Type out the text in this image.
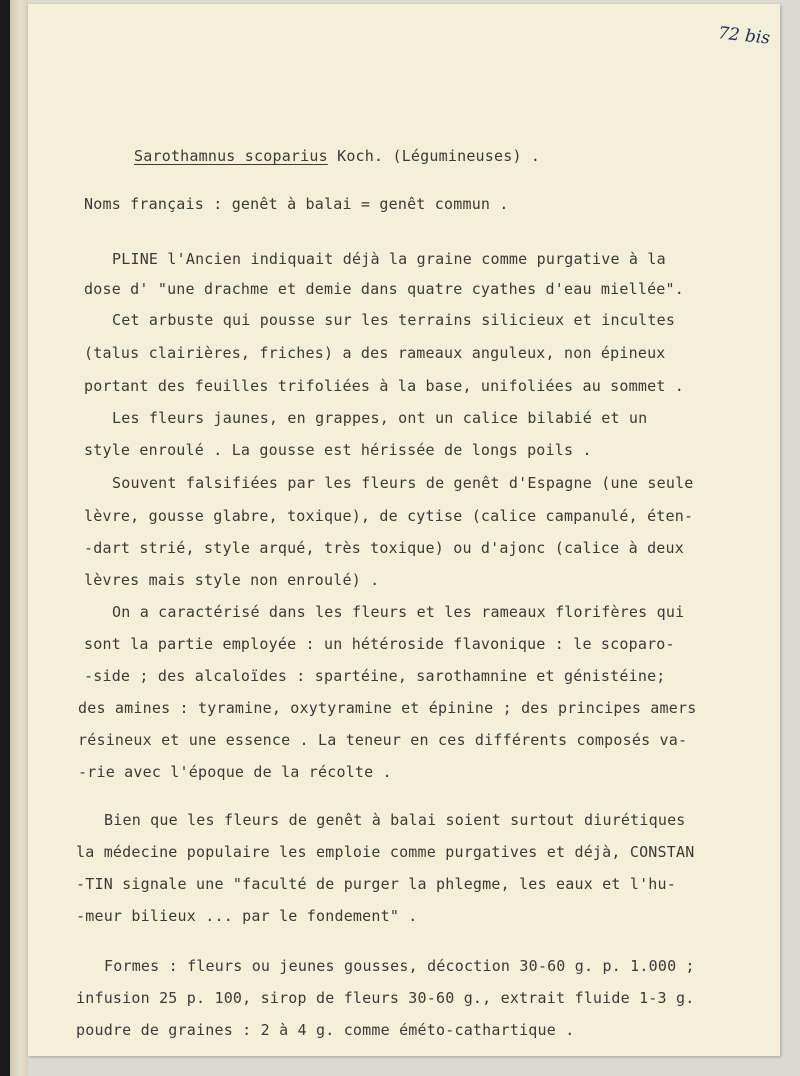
72 bis
Sarothamnus scoparius Koch. (Légumineuses) .
Noms français : genêt à balai = genêt commun .
PLINE l'Ancien indiquait déjà la graine comme purgative à la
dose d' "une drachme et demie dans quatre cyathes d'eau miellée".
Cet arbuste qui pousse sur les terrains silicieux et incultes
(talus clairières, friches) a des rameaux anguleux, non épineux
portant des feuilles trifoliées à la base, unifoliées au sommet .
Les fleurs jaunes, en grappes, ont un calice bilabié et un
style enroulé . La gousse est hérissée de longs poils .
Souvent falsifiées par les fleurs de genêt d'Espagne (une seule
lèvre, gousse glabre, toxique), de cytise (calice campanulé, éten-
-dart strié, style arqué, très toxique) ou d'ajonc (calice à deux
lèvres mais style non enroulé) .
On a caractérisé dans les fleurs et les rameaux florifères qui
sont la partie employée : un hétéroside flavonique : le scoparo-
-side ; des alcaloïdes : spartéine, sarothamnine et génistéine;
des amines : tyramine, oxytyramine et épinine ; des principes amers
résineux et une essence . La teneur en ces différents composés va-
-rie avec l'époque de la récolte .
Bien que les fleurs de genêt à balai soient surtout diurétiques
la médecine populaire les emploie comme purgatives et déjà, CONSTAN
-TIN signale une "faculté de purger la phlegme, les eaux et l'hu-
-meur bilieux ... par le fondement" .
Formes : fleurs ou jeunes gousses, décoction 30-60 g. p. 1.000 ;
infusion 25 p. 100, sirop de fleurs 30-60 g., extrait fluide 1-3 g.
poudre de graines : 2 à 4 g. comme éméto-cathartique .
